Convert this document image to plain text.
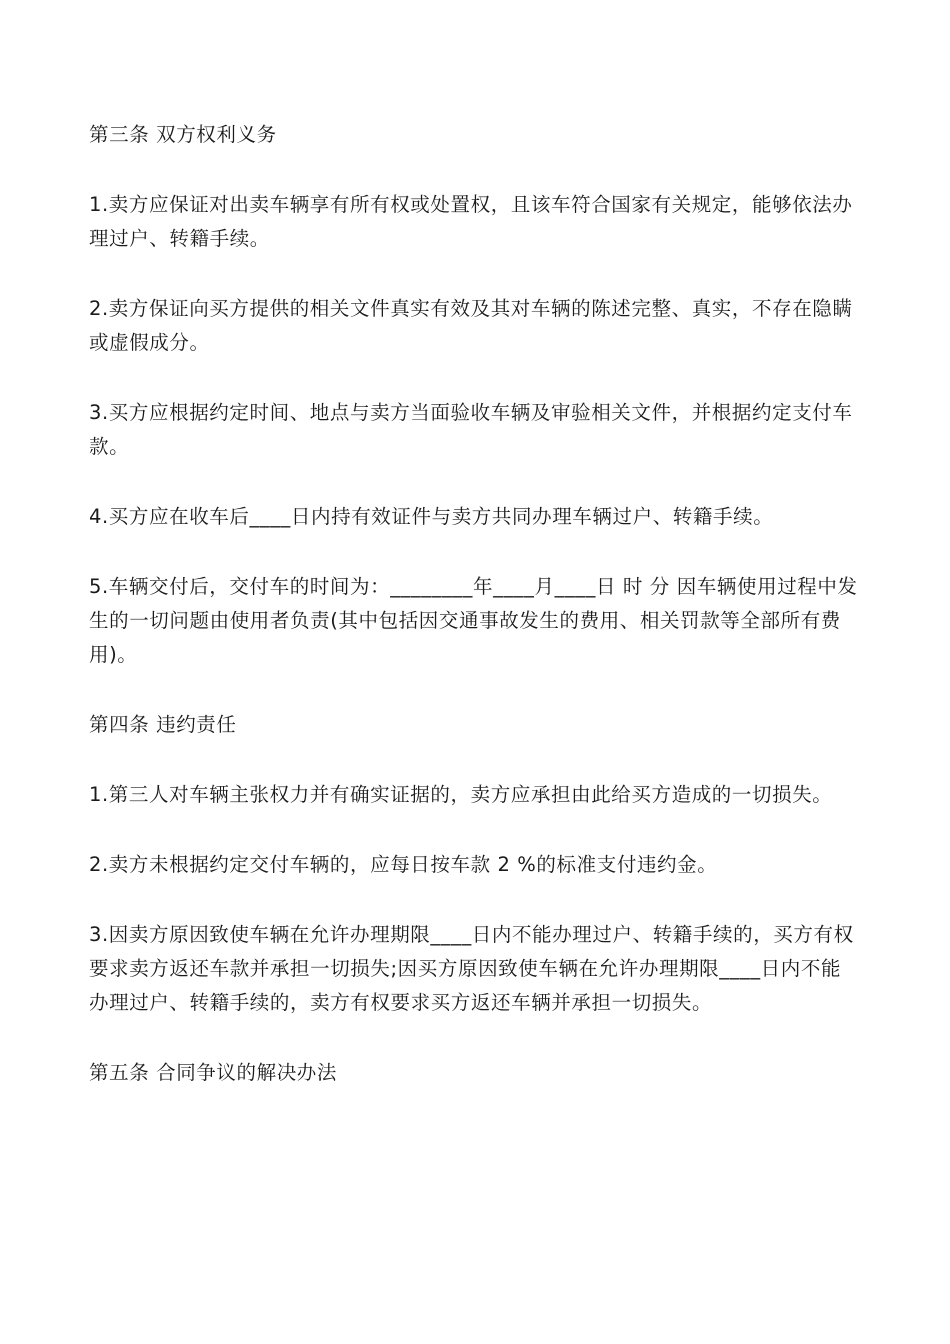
第三条 双方权利义务

1.卖方应保证对出卖车辆享有所有权或处置权，且该车符合国家有关规定，能够依法办理过户、转籍手续。

2.卖方保证向买方提供的相关文件真实有效及其对车辆的陈述完整、真实，不存在隐瞒或虚假成分。

3.买方应根据约定时间、地点与卖方当面验收车辆及审验相关文件，并根据约定支付车款。

4.买方应在收车后____日内持有效证件与卖方共同办理车辆过户、转籍手续。

5.车辆交付后，交付车的时间为：________年____月____日 时 分 因车辆使用过程中发生的一切问题由使用者负责(其中包括因交通事故发生的费用、相关罚款等全部所有费用)。

第四条 违约责任

1.第三人对车辆主张权力并有确实证据的，卖方应承担由此给买方造成的一切损失。

2.卖方未根据约定交付车辆的，应每日按车款 2 %的标准支付违约金。

3.因卖方原因致使车辆在允许办理期限____日内不能办理过户、转籍手续的，买方有权要求卖方返还车款并承担一切损失;因买方原因致使车辆在允许办理期限____日内不能办理过户、转籍手续的，卖方有权要求买方返还车辆并承担一切损失。

第五条 合同争议的解决办法
